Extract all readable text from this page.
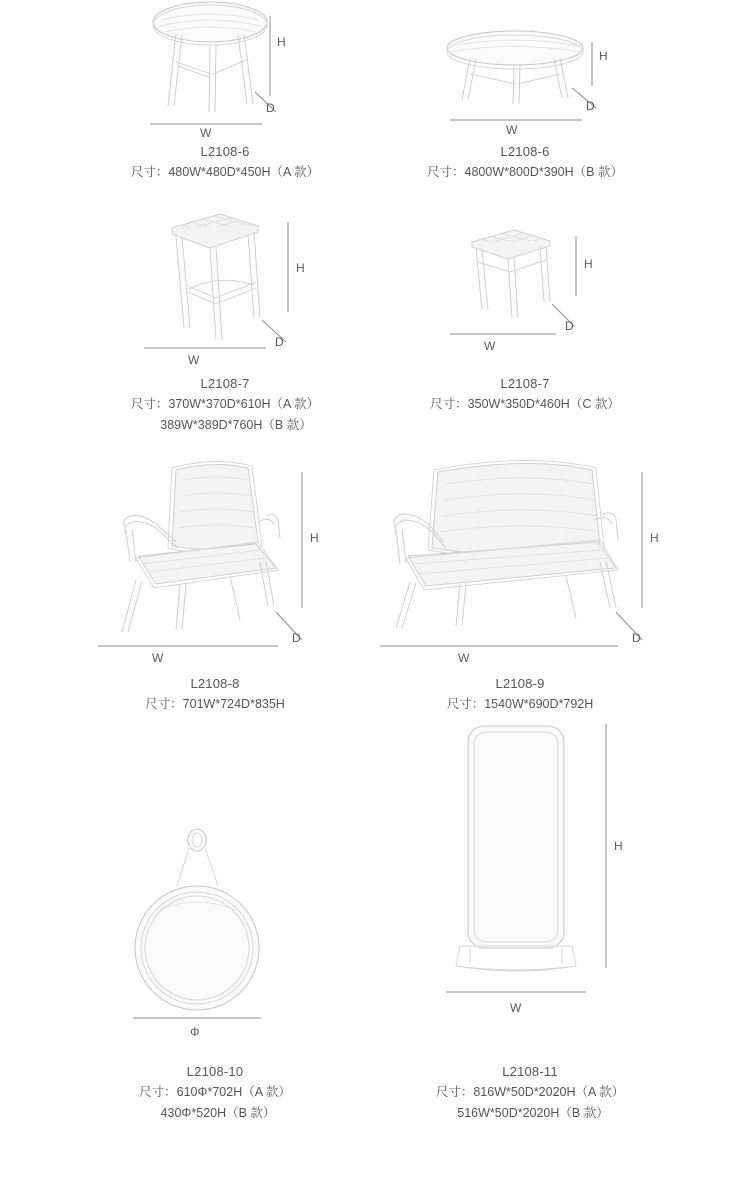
H
D
W
L2108-6
尺寸：480W*480D*450H（A 款）
H
D
W
L2108-6
尺寸：4800W*800D*390H（B 款）
H
D
W
L2108-7
尺寸：370W*370D*610H（A 款）
389W*389D*760H（B 款）
H
D
W
L2108-7
尺寸：350W*350D*460H（C 款）
H
D
W
L2108-8
尺寸：701W*724D*835H
H
D
W
L2108-9
尺寸：1540W*690D*792H
Φ
L2108-10
尺寸：610Φ*702H（A 款）
430Φ*520H（B 款）
H
W
L2108-11
尺寸：816W*50D*2020H（A 款）
516W*50D*2020H（B 款）
